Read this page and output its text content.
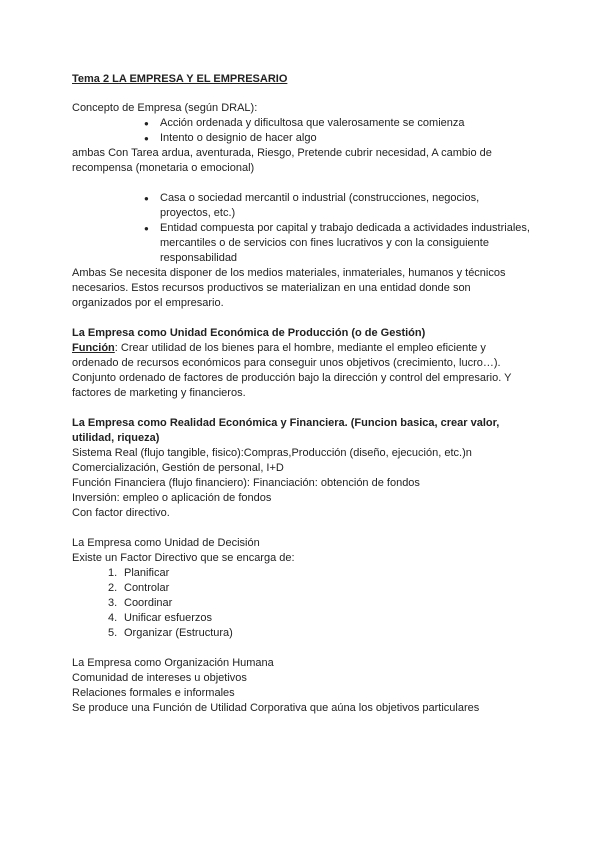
Tema 2 LA EMPRESA Y EL EMPRESARIO

Concepto de Empresa (según DRAL):

● Acción ordenada y dificultosa que valerosamente se comienza
● Intento o designio de hacer algo

ambas Con Tarea ardua, aventurada, Riesgo, Pretende cubrir necesidad, A cambio de recompensa (monetaria o emocional)

● Casa o sociedad mercantil o industrial (construcciones, negocios, proyectos, etc.)
● Entidad compuesta por capital y trabajo dedicada a actividades industriales, mercantiles o de servicios con fines lucrativos y con la consiguiente responsabilidad

Ambas Se necesita disponer de los medios materiales, inmateriales, humanos y técnicos necesarios. Estos recursos productivos se materializan en una entidad donde son organizados por el empresario.

La Empresa como Unidad Económica de Producción (o de Gestión)

Función: Crear utilidad de los bienes para el hombre, mediante el empleo eficiente y ordenado de recursos económicos para conseguir unos objetivos (crecimiento, lucro…).

Conjunto ordenado de factores de producción bajo la dirección y control del empresario. Y factores de marketing y financieros.

La Empresa como Realidad Económica y Financiera. (Funcion basica, crear valor, utilidad, riqueza)

Sistema Real (flujo tangible, fisico):Compras,Producción (diseño, ejecución, etc.)n Comercialización, Gestión de personal, I+D

Función Financiera (flujo financiero): Financiación: obtención de fondos

Inversión: empleo o aplicación de fondos

Con factor directivo.

La Empresa como Unidad de Decisión

Existe un Factor Directivo que se encarga de:

1. Planificar
2. Controlar
3. Coordinar
4. Unificar esfuerzos
5. Organizar (Estructura)

La Empresa como Organización Humana

Comunidad de intereses u objetivos

Relaciones formales e informales

Se produce una Función de Utilidad Corporativa que aúna los objetivos particulares
